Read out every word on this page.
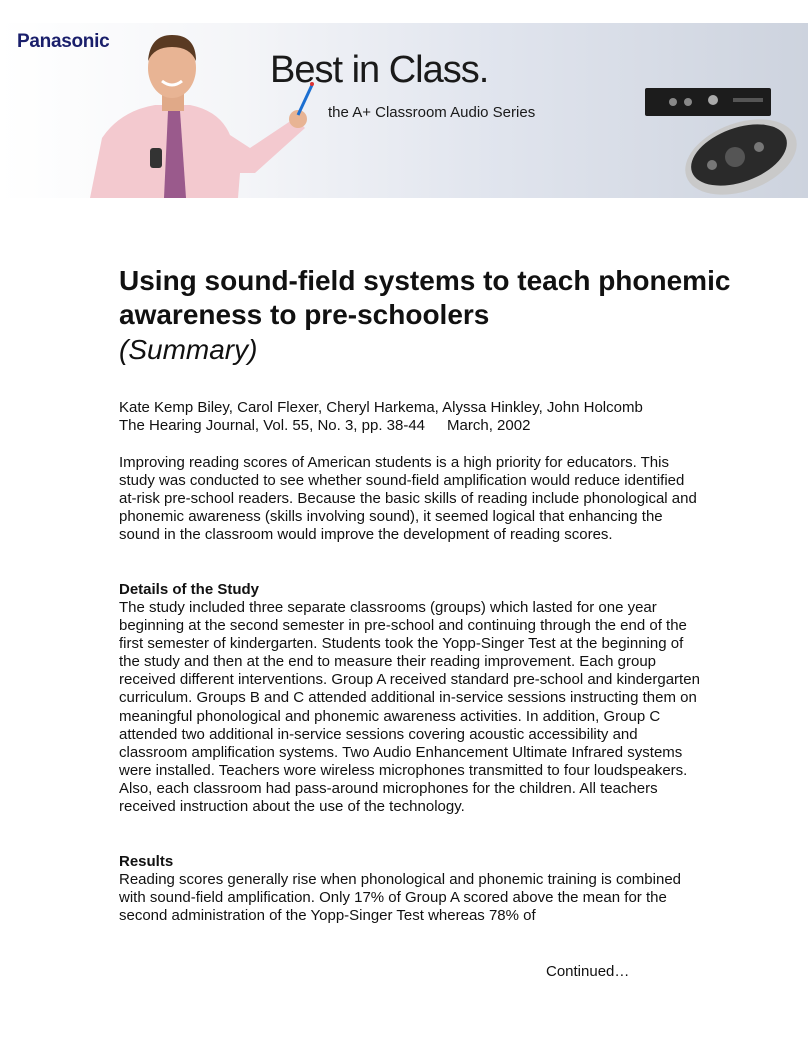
Panasonic
Best in Class.
the A+ Classroom Audio Series
Using sound-field systems to teach phonemic awareness to pre-schoolers
(Summary)
Kate Kemp Biley, Carol Flexer, Cheryl Harkema, Alyssa Hinkley, John Holcomb
The Hearing Journal, Vol. 55, No. 3, pp. 38-44 March, 2002

Improving reading scores of American students is a high priority for educators. This study was conducted to see whether sound-field amplification would reduce identified at-risk pre-school readers. Because the basic skills of reading include phonological and phonemic awareness (skills involving sound), it seemed logical that enhancing the sound in the classroom would improve the development of reading scores.

Details of the Study

The study included three separate classrooms (groups) which lasted for one year beginning at the second semester in pre-school and continuing through the end of the first semester of kindergarten. Students took the Yopp-Singer Test at the beginning of the study and then at the end to measure their reading improvement. Each group received different interventions. Group A received standard pre-school and kindergarten curriculum. Groups B and C attended additional in-service sessions instructing them on meaningful phonological and phonemic awareness activities. In addition, Group C attended two additional in-service sessions covering acoustic accessibility and classroom amplification systems. Two Audio Enhancement Ultimate Infrared systems were installed. Teachers wore wireless microphones transmitted to four loudspeakers. Also, each classroom had pass-around microphones for the children. All teachers received instruction about the use of the technology.

Results

Reading scores generally rise when phonological and phonemic training is combined with sound-field amplification. Only 17% of Group A scored above the mean for the second administration of the Yopp-Singer Test whereas 78% of

Continued…
